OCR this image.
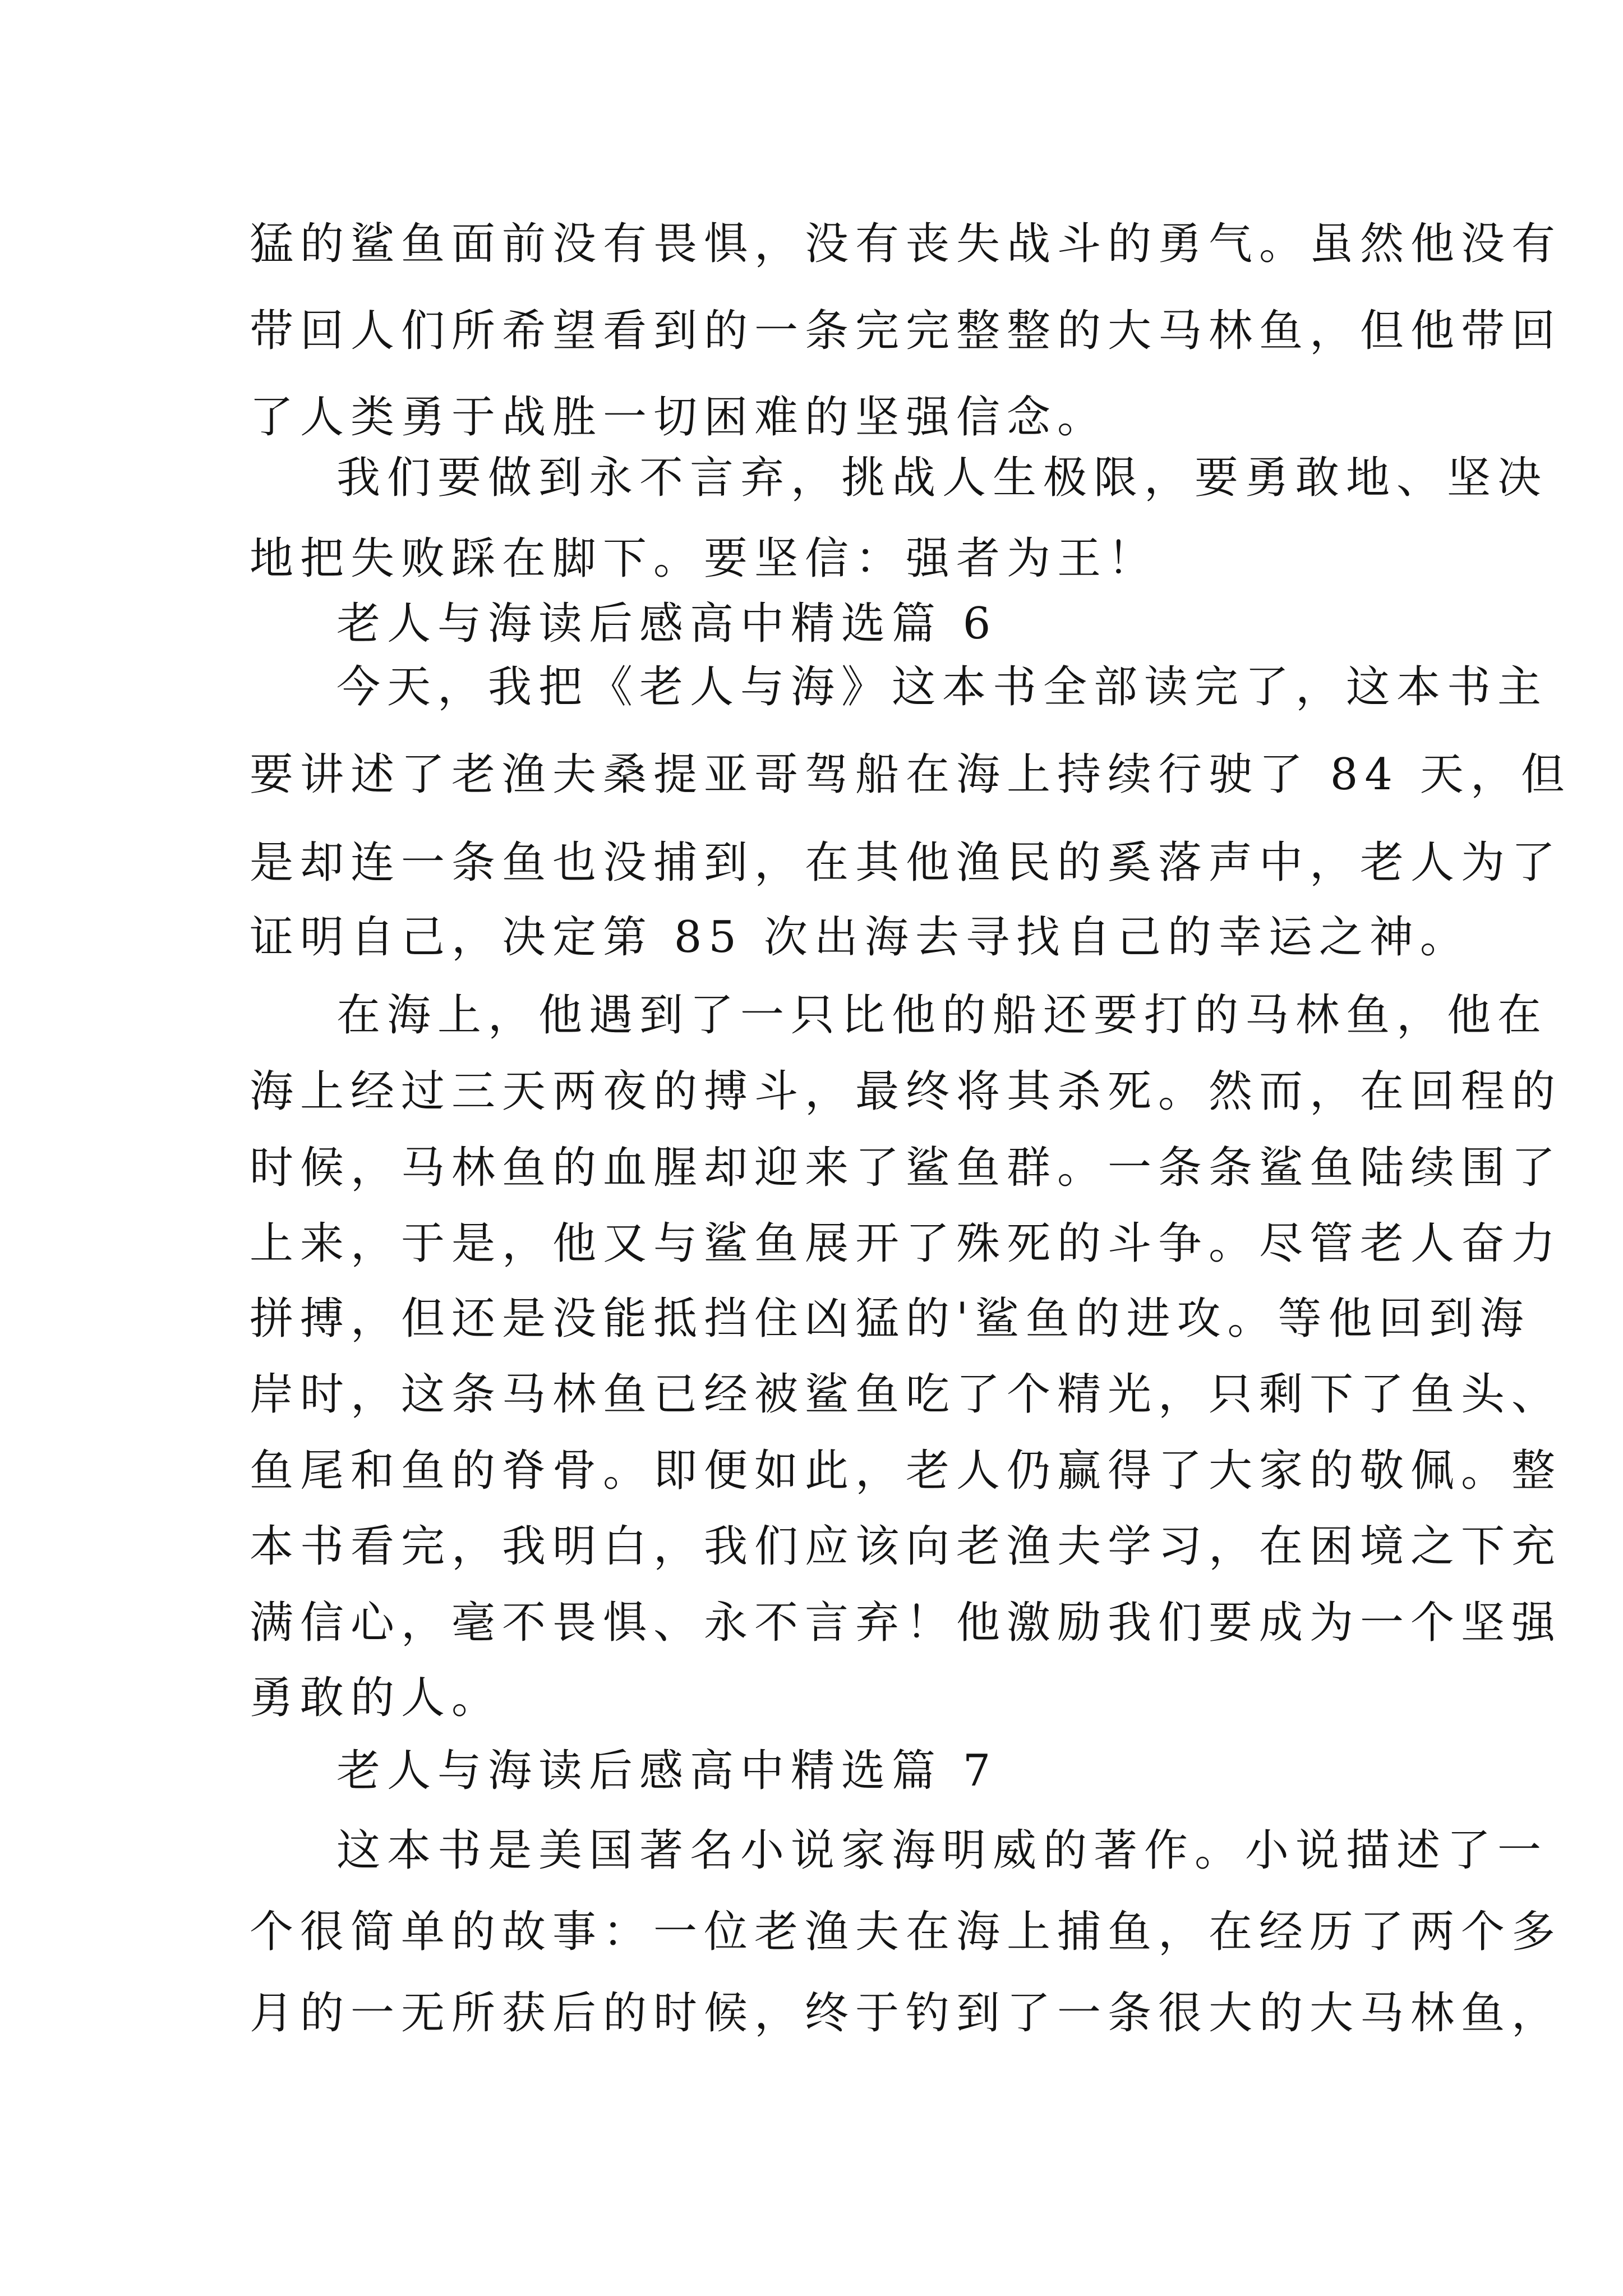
猛的鲨鱼面前没有畏惧，没有丧失战斗的勇气。虽然他没有
带回人们所希望看到的一条完完整整的大马林鱼，但他带回
了人类勇于战胜一切困难的坚强信念。
我们要做到永不言弃，挑战人生极限，要勇敢地、坚决
地把失败踩在脚下。要坚信：强者为王！
老人与海读后感高中精选篇 6
今天，我把《老人与海》这本书全部读完了，这本书主
要讲述了老渔夫桑提亚哥驾船在海上持续行驶了 84 天，但
是却连一条鱼也没捕到，在其他渔民的奚落声中，老人为了
证明自己，决定第 85 次出海去寻找自己的幸运之神。
在海上，他遇到了一只比他的船还要打的马林鱼，他在
海上经过三天两夜的搏斗，最终将其杀死。然而，在回程的
时候，马林鱼的血腥却迎来了鲨鱼群。一条条鲨鱼陆续围了
上来，于是，他又与鲨鱼展开了殊死的斗争。尽管老人奋力
拼搏，但还是没能抵挡住凶猛的'鲨鱼的进攻。等他回到海
岸时，这条马林鱼已经被鲨鱼吃了个精光，只剩下了鱼头、
鱼尾和鱼的脊骨。即便如此，老人仍赢得了大家的敬佩。整
本书看完，我明白，我们应该向老渔夫学习，在困境之下充
满信心，毫不畏惧、永不言弃！他激励我们要成为一个坚强
勇敢的人。
老人与海读后感高中精选篇 7
这本书是美国著名小说家海明威的著作。小说描述了一
个很简单的故事：一位老渔夫在海上捕鱼，在经历了两个多
月的一无所获后的时候，终于钓到了一条很大的大马林鱼，
